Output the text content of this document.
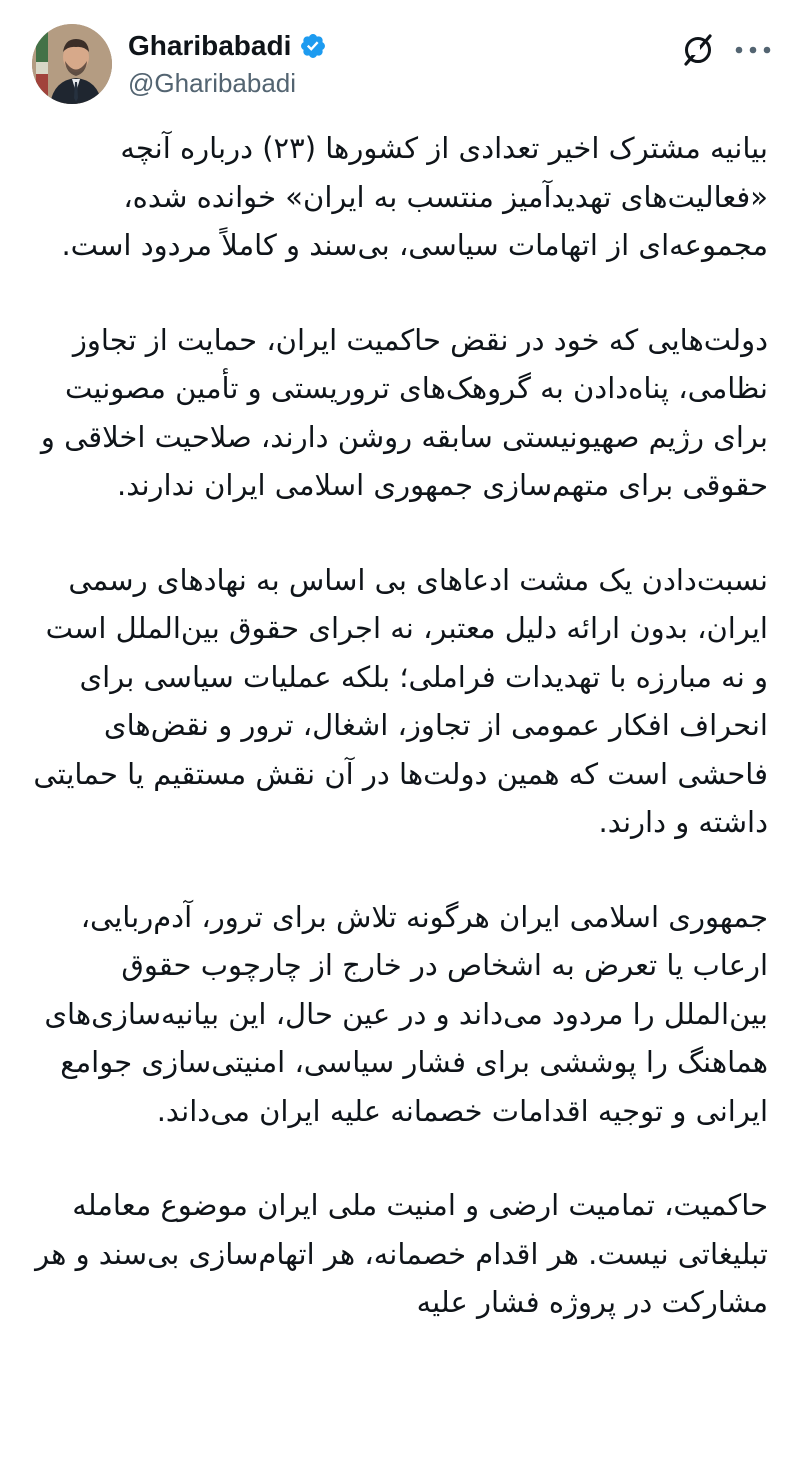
Gharibabadi
@Gharibabadi

بیانیه مشترک اخیر تعدادی از کشورها (۲۳) درباره آنچه «فعالیت‌های تهدیدآمیز منتسب به ایران» خوانده شده، مجموعه‌ای از اتهامات سیاسی، بی‌سند و کاملاً مردود است.

دولت‌هایی که خود در نقض حاکمیت ایران، حمایت از تجاوز نظامی، پناه‌دادن به گروهک‌های تروریستی و تأمین مصونیت برای رژیم صهیونیستی سابقه روشن دارند، صلاحیت اخلاقی و حقوقی برای متهم‌سازی جمهوری اسلامی ایران ندارند.

نسبت‌دادن یک مشت ادعاهای بی اساس به نهادهای رسمی ایران، بدون ارائه دلیل معتبر، نه اجرای حقوق بین‌الملل است و نه مبارزه با تهدیدات فراملی؛ بلکه عملیات سیاسی برای انحراف افکار عمومی از تجاوز، اشغال، ترور و نقض‌های فاحشی است که همین دولت‌ها در آن نقش مستقیم یا حمایتی داشته و دارند.

جمهوری اسلامی ایران هرگونه تلاش برای ترور، آدم‌ربایی، ارعاب یا تعرض به اشخاص در خارج از چارچوب حقوق بین‌الملل را مردود می‌داند و در عین حال، این بیانیه‌سازی‌های هماهنگ را پوششی برای فشار سیاسی، امنیتی‌سازی جوامع ایرانی و توجیه اقدامات خصمانه علیه ایران می‌داند.

حاکمیت، تمامیت ارضی و امنیت ملی ایران موضوع معامله تبلیغاتی نیست. هر اقدام خصمانه، هر اتهام‌سازی بی‌سند و هر مشارکت در پروژه فشار علیه
